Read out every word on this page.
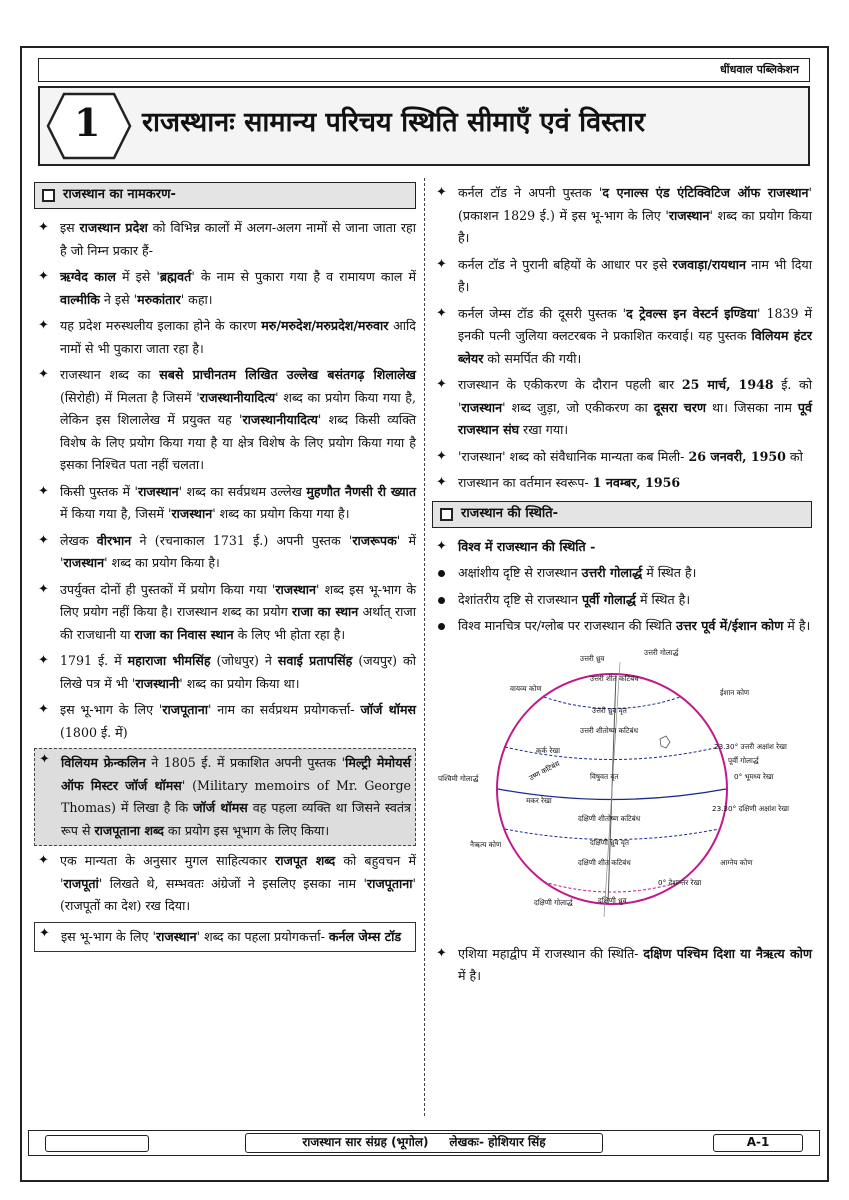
धींधवाल पब्लिकेशन
1 राजस्थानः सामान्य परिचय स्थिति सीमाएँ एवं विस्तार
राजस्थान का नामकरण-
✦ इस राजस्थान प्रदेश को विभिन्न कालों में अलग-अलग नामों से जाना जाता रहा है जो निम्न प्रकार हैं-
✦ ऋग्वेद काल में इसे 'ब्रह्मवर्त' के नाम से पुकारा गया है व रामायण काल में वाल्मीकि ने इसे 'मरुकांतार' कहा।
✦ यह प्रदेश मरुस्थलीय इलाका होने के कारण मरु/मरुदेश/मरुप्रदेश/मरुवार आदि नामों से भी पुकारा जाता रहा है।
✦ राजस्थान शब्द का सबसे प्राचीनतम लिखित उल्लेख बसंतगढ़ शिलालेख (सिरोही) में मिलता है जिसमें 'राजस्थानीयादित्य' शब्द का प्रयोग किया गया है, लेकिन इस शिलालेख में प्रयुक्त यह 'राजस्थानीयादित्य' शब्द किसी व्यक्ति विशेष के लिए प्रयोग किया गया है या क्षेत्र विशेष के लिए प्रयोग किया गया है इसका निश्चित पता नहीं चलता।
✦ किसी पुस्तक में 'राजस्थान' शब्द का सर्वप्रथम उल्लेख मुहणौत नैणसी री ख्यात में किया गया है, जिसमें 'राजस्थान' शब्द का प्रयोग किया गया है।
✦ लेखक वीरभान ने (रचनाकाल 1731 ई.) अपनी पुस्तक 'राजरूपक' में 'राजस्थान' शब्द का प्रयोग किया है।
✦ उपर्युक्त दोनों ही पुस्तकों में प्रयोग किया गया 'राजस्थान' शब्द इस भू-भाग के लिए प्रयोग नहीं किया है। राजस्थान शब्द का प्रयोग राजा का स्थान अर्थात् राजा की राजधानी या राजा का निवास स्थान के लिए भी होता रहा है।
✦ 1791 ई. में महाराजा भीमसिंह (जोधपुर) ने सवाई प्रतापसिंह (जयपुर) को लिखे पत्र में भी 'राजस्थानी' शब्द का प्रयोग किया था।
✦ इस भू-भाग के लिए 'राजपूताना' नाम का सर्वप्रथम प्रयोगकर्त्ता- जॉर्ज थॉमस (1800 ई. में)
✦ विलियम फ्रेन्कलिन ने 1805 ई. में प्रकाशित अपनी पुस्तक 'मिल्ट्री मेमोयर्स ऑफ मिस्टर जॉर्ज थॉमस' (Military memoirs of Mr. George Thomas) में लिखा है कि जॉर्ज थॉमस वह पहला व्यक्ति था जिसने स्वतंत्र रूप से राजपूताना शब्द का प्रयोग इस भूभाग के लिए किया।
✦ एक मान्यता के अनुसार मुगल साहित्यकार राजपूत शब्द को बहुवचन में 'राजपूतां' लिखते थे, सम्भवतः अंग्रेजों ने इसलिए इसका नाम 'राजपूताना' (राजपूतों का देश) रख दिया।
✦ इस भू-भाग के लिए 'राजस्थान' शब्द का पहला प्रयोगकर्त्ता- कर्नल जेम्स टॉड
✦ कर्नल टॉड ने अपनी पुस्तक 'द एनाल्स एंड एंटिक्विटिज ऑफ राजस्थान' (प्रकाशन 1829 ई.) में इस भू-भाग के लिए 'राजस्थान' शब्द का प्रयोग किया है।
✦ कर्नल टॉड ने पुरानी बहियों के आधार पर इसे रजवाड़ा/रायथान नाम भी दिया है।
✦ कर्नल जेम्स टॉड की दूसरी पुस्तक 'द ट्रेवल्स इन वेस्टर्न इण्डिया' 1839 में इनकी पत्नी जुलिया क्लटरबक ने प्रकाशित करवाई। यह पुस्तक विलियम हंटर ब्लेयर को समर्पित की गयी।
✦ राजस्थान के एकीकरण के दौरान पहली बार 25 मार्च, 1948 ई. को 'राजस्थान' शब्द जुड़ा, जो एकीकरण का दूसरा चरण था। जिसका नाम पूर्व राजस्थान संघ रखा गया।
✦ 'राजस्थान' शब्द को संवैधानिक मान्यता कब मिली- 26 जनवरी, 1950 को
✦ राजस्थान का वर्तमान स्वरूप- 1 नवम्बर, 1956
राजस्थान की स्थिति-
✦ विश्व में राजस्थान की स्थिति -
अक्षांशीय दृष्टि से राजस्थान उत्तरी गोलार्द्ध में स्थित है।
देशांतरीय दृष्टि से राजस्थान पूर्वी गोलार्द्ध में स्थित है।
विश्व मानचित्र पर/ग्लोब पर राजस्थान की स्थिति उत्तर पूर्व में/ईशान कोण में है।
उत्तरी ध्रुव
उत्तरी गोलार्द्ध
उत्तरी शीत कटिबंध
वायव्य कोण	ईशान कोण
उत्तरी ध्रुव वृत
उत्तरी शीतोष्ण कटिबंध
कर्क रेखा	23.30° उत्तरी अक्षांश रेखा
पूर्वी गोलार्द्ध
पश्चिमी गोलार्द्ध	उष्ण कटिबंध	विषुवत वृत	0° भूमध्य रेखा
मकर रेखा
23.30° दक्षिणी अक्षांश रेखा
दक्षिणी शीतोष्ण कटिबंध
नैऋत्य कोण	दक्षिणी ध्रुव वृत
आग्नेय कोण
दक्षिणी शीत कटिबंध
0° देशान्तर रेखा
दक्षिणी गोलार्द्ध	दक्षिणी ध्रुव
✦ एशिया महाद्वीप में राजस्थान की स्थिति- दक्षिण पश्चिम दिशा या नैऋत्य कोण में है।
राजस्थान सार संग्रह (भूगोल) लेखकः- होशियार सिंह	A-1
